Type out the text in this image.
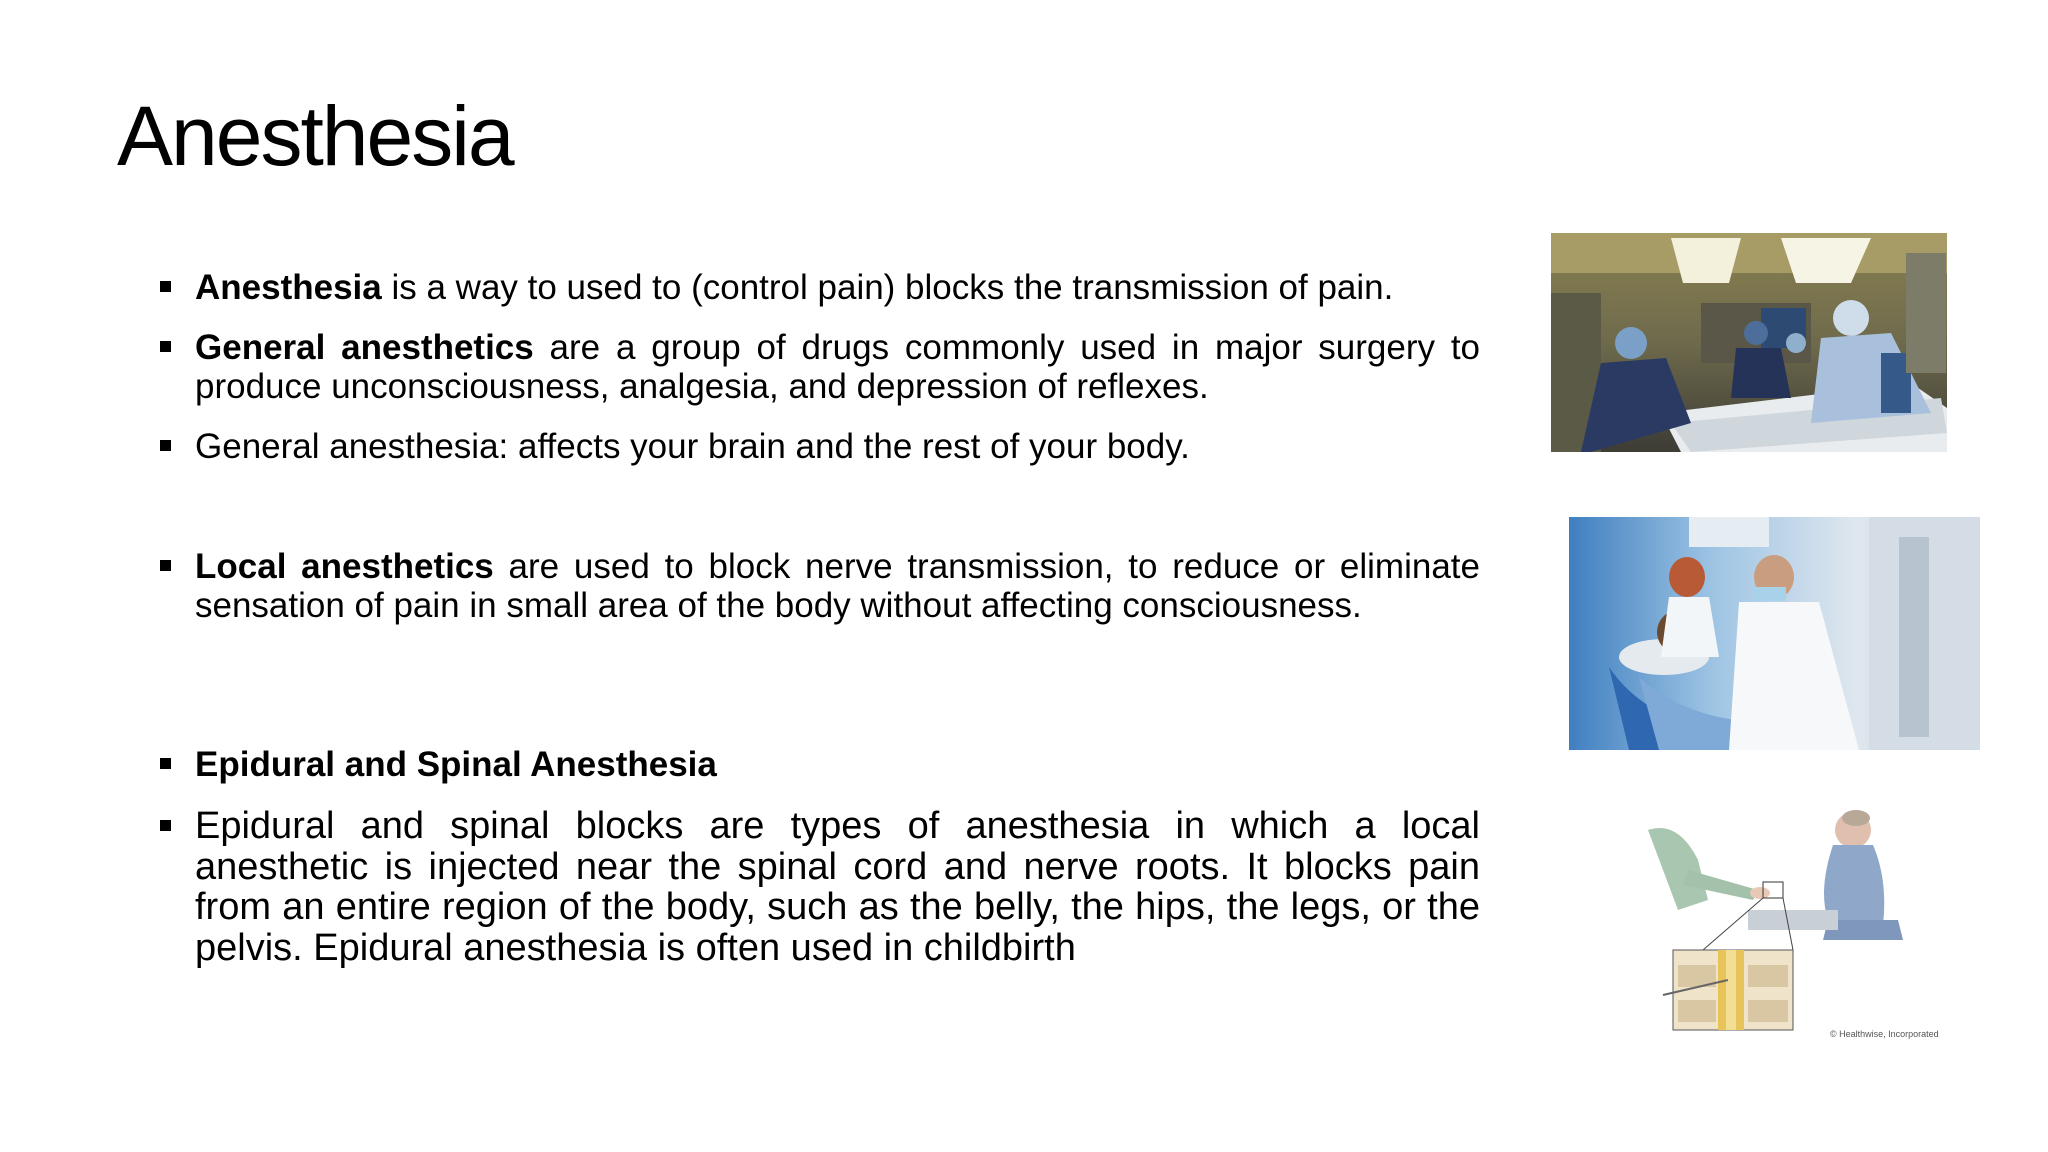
Anesthesia
Anesthesia is a way to used to (control pain) blocks the transmission of pain.
General anesthetics are a group of drugs commonly used in major surgery to produce unconsciousness, analgesia, and depression of reflexes.
General anesthesia: affects your brain and the rest of your body.
Local anesthetics are used to block nerve transmission, to reduce or eliminate sensation of pain in small area of the body without affecting consciousness.
Epidural and Spinal Anesthesia
Epidural and spinal blocks are types of anesthesia in which a local anesthetic is injected near the spinal cord and nerve roots. It blocks pain from an entire region of the body, such as the belly, the hips, the legs, or the pelvis. Epidural anesthesia is often used in childbirth
© Healthwise, Incorporated
